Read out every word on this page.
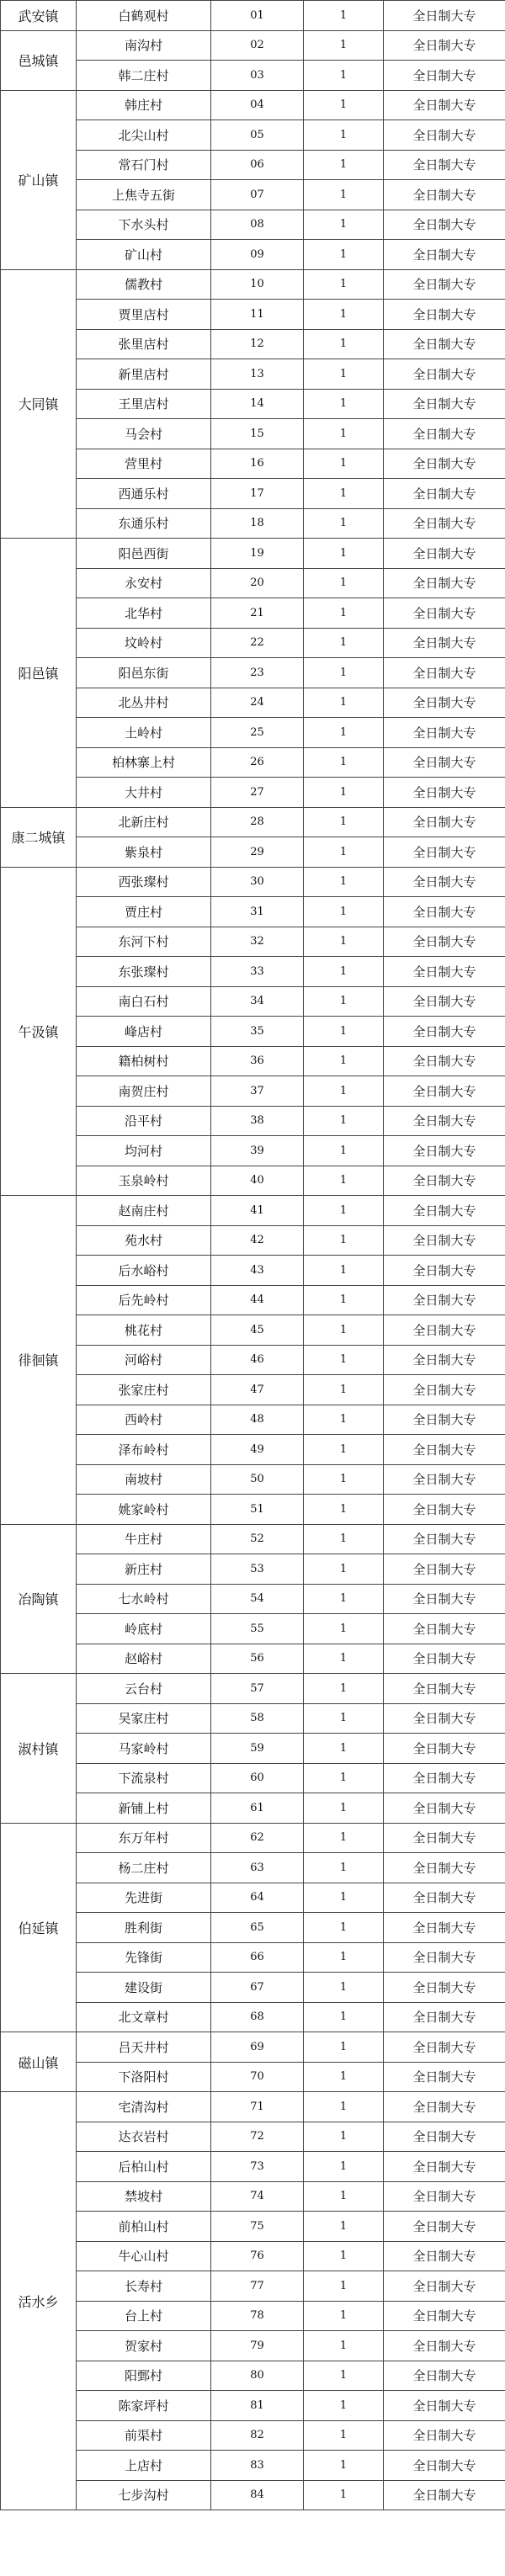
武安镇	白鹤观村	01	1	全日制大专
邑城镇	南沟村	02	1	全日制大专
	韩二庄村	03	1	全日制大专
矿山镇	韩庄村	04	1	全日制大专
	北尖山村	05	1	全日制大专
	常石门村	06	1	全日制大专
	上焦寺五街	07	1	全日制大专
	下水头村	08	1	全日制大专
	矿山村	09	1	全日制大专
大同镇	儒教村	10	1	全日制大专
	贾里店村	11	1	全日制大专
	张里店村	12	1	全日制大专
	新里店村	13	1	全日制大专
	王里店村	14	1	全日制大专
	马会村	15	1	全日制大专
	营里村	16	1	全日制大专
	西通乐村	17	1	全日制大专
	东通乐村	18	1	全日制大专
阳邑镇	阳邑西街	19	1	全日制大专
	永安村	20	1	全日制大专
	北华村	21	1	全日制大专
	坟岭村	22	1	全日制大专
	阳邑东街	23	1	全日制大专
	北丛井村	24	1	全日制大专
	土岭村	25	1	全日制大专
	柏林寨上村	26	1	全日制大专
	大井村	27	1	全日制大专
康二城镇	北新庄村	28	1	全日制大专
	紫泉村	29	1	全日制大专
午汲镇	西张璨村	30	1	全日制大专
	贾庄村	31	1	全日制大专
	东河下村	32	1	全日制大专
	东张璨村	33	1	全日制大专
	南白石村	34	1	全日制大专
	峰店村	35	1	全日制大专
	籍柏树村	36	1	全日制大专
	南贺庄村	37	1	全日制大专
	沿平村	38	1	全日制大专
	均河村	39	1	全日制大专
	玉泉岭村	40	1	全日制大专
徘徊镇	赵南庄村	41	1	全日制大专
	苑水村	42	1	全日制大专
	后水峪村	43	1	全日制大专
	后先岭村	44	1	全日制大专
	桃花村	45	1	全日制大专
	河峪村	46	1	全日制大专
	张家庄村	47	1	全日制大专
	西岭村	48	1	全日制大专
	泽布岭村	49	1	全日制大专
	南坡村	50	1	全日制大专
	姚家岭村	51	1	全日制大专
冶陶镇	牛庄村	52	1	全日制大专
	新庄村	53	1	全日制大专
	七水岭村	54	1	全日制大专
	岭底村	55	1	全日制大专
	赵峪村	56	1	全日制大专
淑村镇	云台村	57	1	全日制大专
	吴家庄村	58	1	全日制大专
	马家岭村	59	1	全日制大专
	下流泉村	60	1	全日制大专
	新铺上村	61	1	全日制大专
伯延镇	东万年村	62	1	全日制大专
	杨二庄村	63	1	全日制大专
	先进街	64	1	全日制大专
	胜利街	65	1	全日制大专
	先锋街	66	1	全日制大专
	建设街	67	1	全日制大专
	北文章村	68	1	全日制大专
磁山镇	吕天井村	69	1	全日制大专
	下洛阳村	70	1	全日制大专
活水乡	宅清沟村	71	1	全日制大专
	达衣岩村	72	1	全日制大专
	后柏山村	73	1	全日制大专
	禁坡村	74	1	全日制大专
	前柏山村	75	1	全日制大专
	牛心山村	76	1	全日制大专
	长寿村	77	1	全日制大专
	台上村	78	1	全日制大专
	贺家村	79	1	全日制大专
	阳鄄村	80	1	全日制大专
	陈家坪村	81	1	全日制大专
	前渠村	82	1	全日制大专
	上店村	83	1	全日制大专
	七步沟村	84	1	全日制大专
